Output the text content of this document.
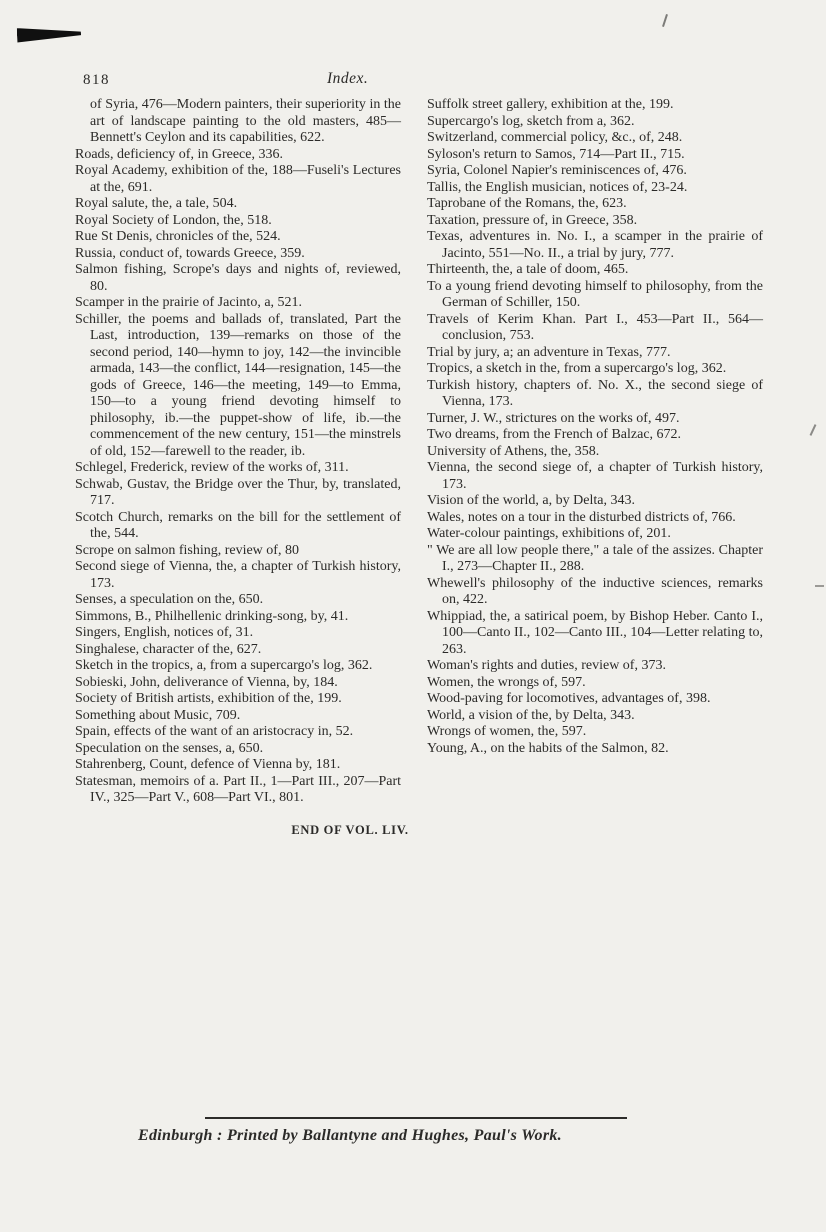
818	Index.

of Syria, 476—Modern painters, their superiority in the art of landscape painting to the old masters, 485—Bennett's Ceylon and its capabilities, 622.

Roads, deficiency of, in Greece, 336.

Royal Academy, exhibition of the, 188—Fuseli's Lectures at the, 691.

Royal salute, the, a tale, 504.

Royal Society of London, the, 518.

Rue St Denis, chronicles of the, 524.

Russia, conduct of, towards Greece, 359.

Salmon fishing, Scrope's days and nights of, reviewed, 80.

Scamper in the prairie of Jacinto, a, 521.

Schiller, the poems and ballads of, translated, Part the Last, introduction, 139—remarks on those of the second period, 140—hymn to joy, 142—the invincible armada, 143—the conflict, 144—resignation, 145—the gods of Greece, 146—the meeting, 149—to Emma, 150—to a young friend devoting himself to philosophy, ib.—the puppet-show of life, ib.—the commencement of the new century, 151—the minstrels of old, 152—farewell to the reader, ib.

Schlegel, Frederick, review of the works of, 311.

Schwab, Gustav, the Bridge over the Thur, by, translated, 717.

Scotch Church, remarks on the bill for the settlement of the, 544.

Scrope on salmon fishing, review of, 80

Second siege of Vienna, the, a chapter of Turkish history, 173.

Senses, a speculation on the, 650.

Simmons, B., Philhellenic drinking-song, by, 41.

Singers, English, notices of, 31.

Singhalese, character of the, 627.

Sketch in the tropics, a, from a supercargo's log, 362.

Sobieski, John, deliverance of Vienna, by, 184.

Society of British artists, exhibition of the, 199.

Something about Music, 709.

Spain, effects of the want of an aristocracy in, 52.

Speculation on the senses, a, 650.

Stahrenberg, Count, defence of Vienna by, 181.

Statesman, memoirs of a. Part II., 1—Part III., 207—Part IV., 325—Part V., 608—Part VI., 801.

Suffolk street gallery, exhibition at the, 199.

Supercargo's log, sketch from a, 362.

Switzerland, commercial policy, &c., of, 248.

Syloson's return to Samos, 714—Part II., 715.

Syria, Colonel Napier's reminiscences of, 476.

Tallis, the English musician, notices of, 23-24.

Taprobane of the Romans, the, 623.

Taxation, pressure of, in Greece, 358.

Texas, adventures in. No. I., a scamper in the prairie of Jacinto, 551—No. II., a trial by jury, 777.

Thirteenth, the, a tale of doom, 465.

To a young friend devoting himself to philosophy, from the German of Schiller, 150.

Travels of Kerim Khan. Part I., 453—Part II., 564—conclusion, 753.

Trial by jury, a; an adventure in Texas, 777.

Tropics, a sketch in the, from a supercargo's log, 362.

Turkish history, chapters of. No. X., the second siege of Vienna, 173.

Turner, J. W., strictures on the works of, 497.

Two dreams, from the French of Balzac, 672.

University of Athens, the, 358.

Vienna, the second siege of, a chapter of Turkish history, 173.

Vision of the world, a, by Delta, 343.

Wales, notes on a tour in the disturbed districts of, 766.

Water-colour paintings, exhibitions of, 201.

" We are all low people there," a tale of the assizes. Chapter I., 273—Chapter II., 288.

Whewell's philosophy of the inductive sciences, remarks on, 422.

Whippiad, the, a satirical poem, by Bishop Heber. Canto I., 100—Canto II., 102—Canto III., 104—Letter relating to, 263.

Woman's rights and duties, review of, 373.

Women, the wrongs of, 597.

Wood-paving for locomotives, advantages of, 398.

World, a vision of the, by Delta, 343.

Wrongs of women, the, 597.

Young, A., on the habits of the Salmon, 82.

END OF VOL. LIV.
Edinburgh : Printed by Ballantyne and Hughes, Paul's Work.
